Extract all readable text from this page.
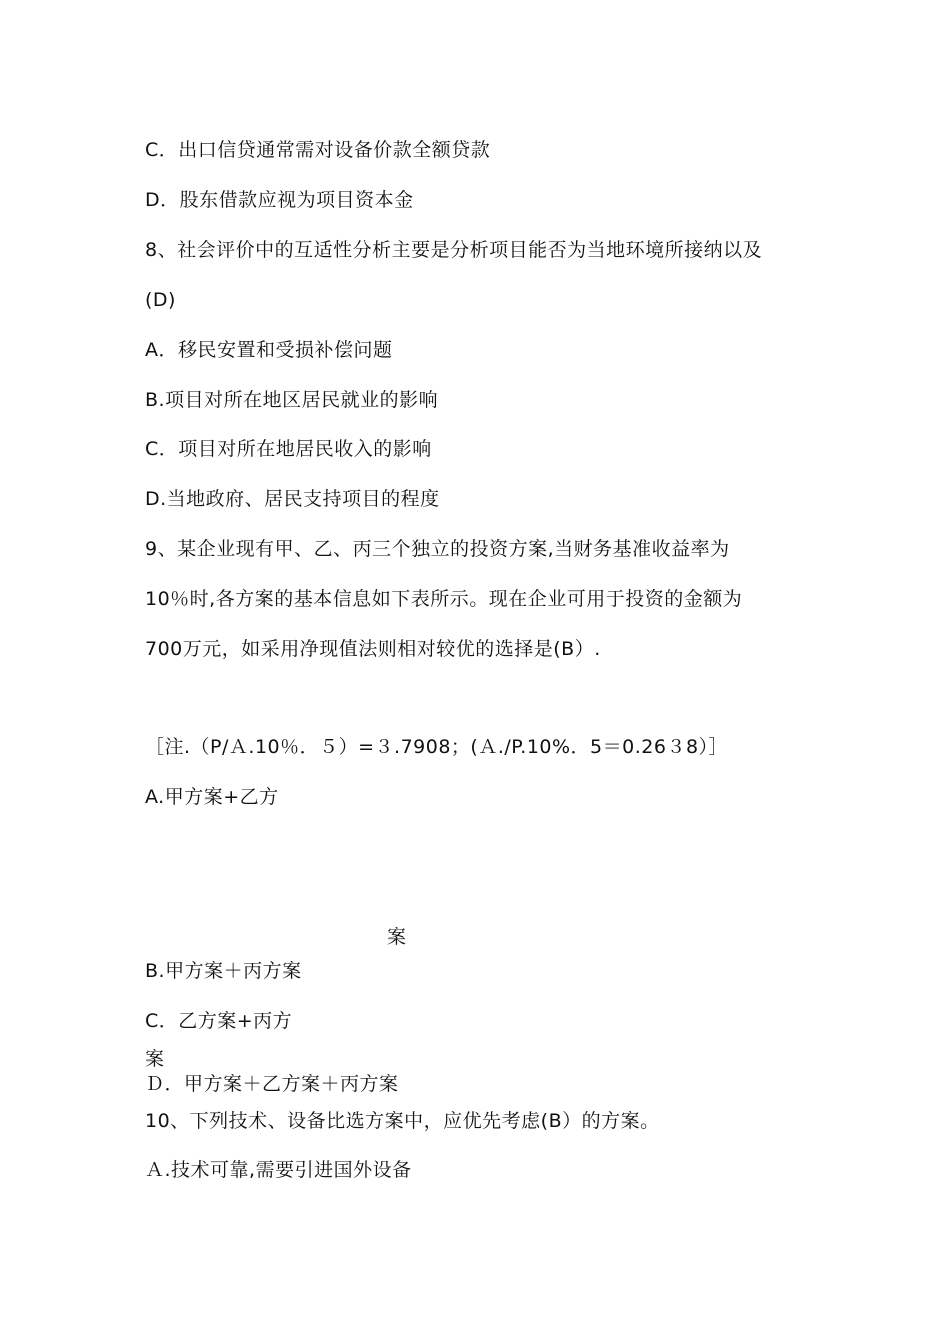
C．出口信贷通常需对设备价款全额贷款
D．股东借款应视为项目资本金
8、社会评价中的互适性分析主要是分析项目能否为当地环境所接纳以及
(D)
A．移民安置和受损补偿问题
B.项目对所在地区居民就业的影响
C．项目对所在地居民收入的影响
D.当地政府、居民支持项目的程度
9、某企业现有甲、乙、丙三个独立的投资方案,当财务基准收益率为
10％时,各方案的基本信息如下表所示。现在企业可用于投资的金额为
700万元，如采用净现值法则相对较优的选择是(B）.
［注.（P/Ａ.10％．５）=３.7908；(Ａ./P.10%．5＝0.26３8）］
A.甲方案+乙方
案
B.甲方案＋丙方案
C．乙方案+丙方
案
Ｄ．甲方案＋乙方案＋丙方案
10、下列技术、设备比选方案中，应优先考虑(B）的方案。
Ａ.技术可靠,需要引进国外设备
